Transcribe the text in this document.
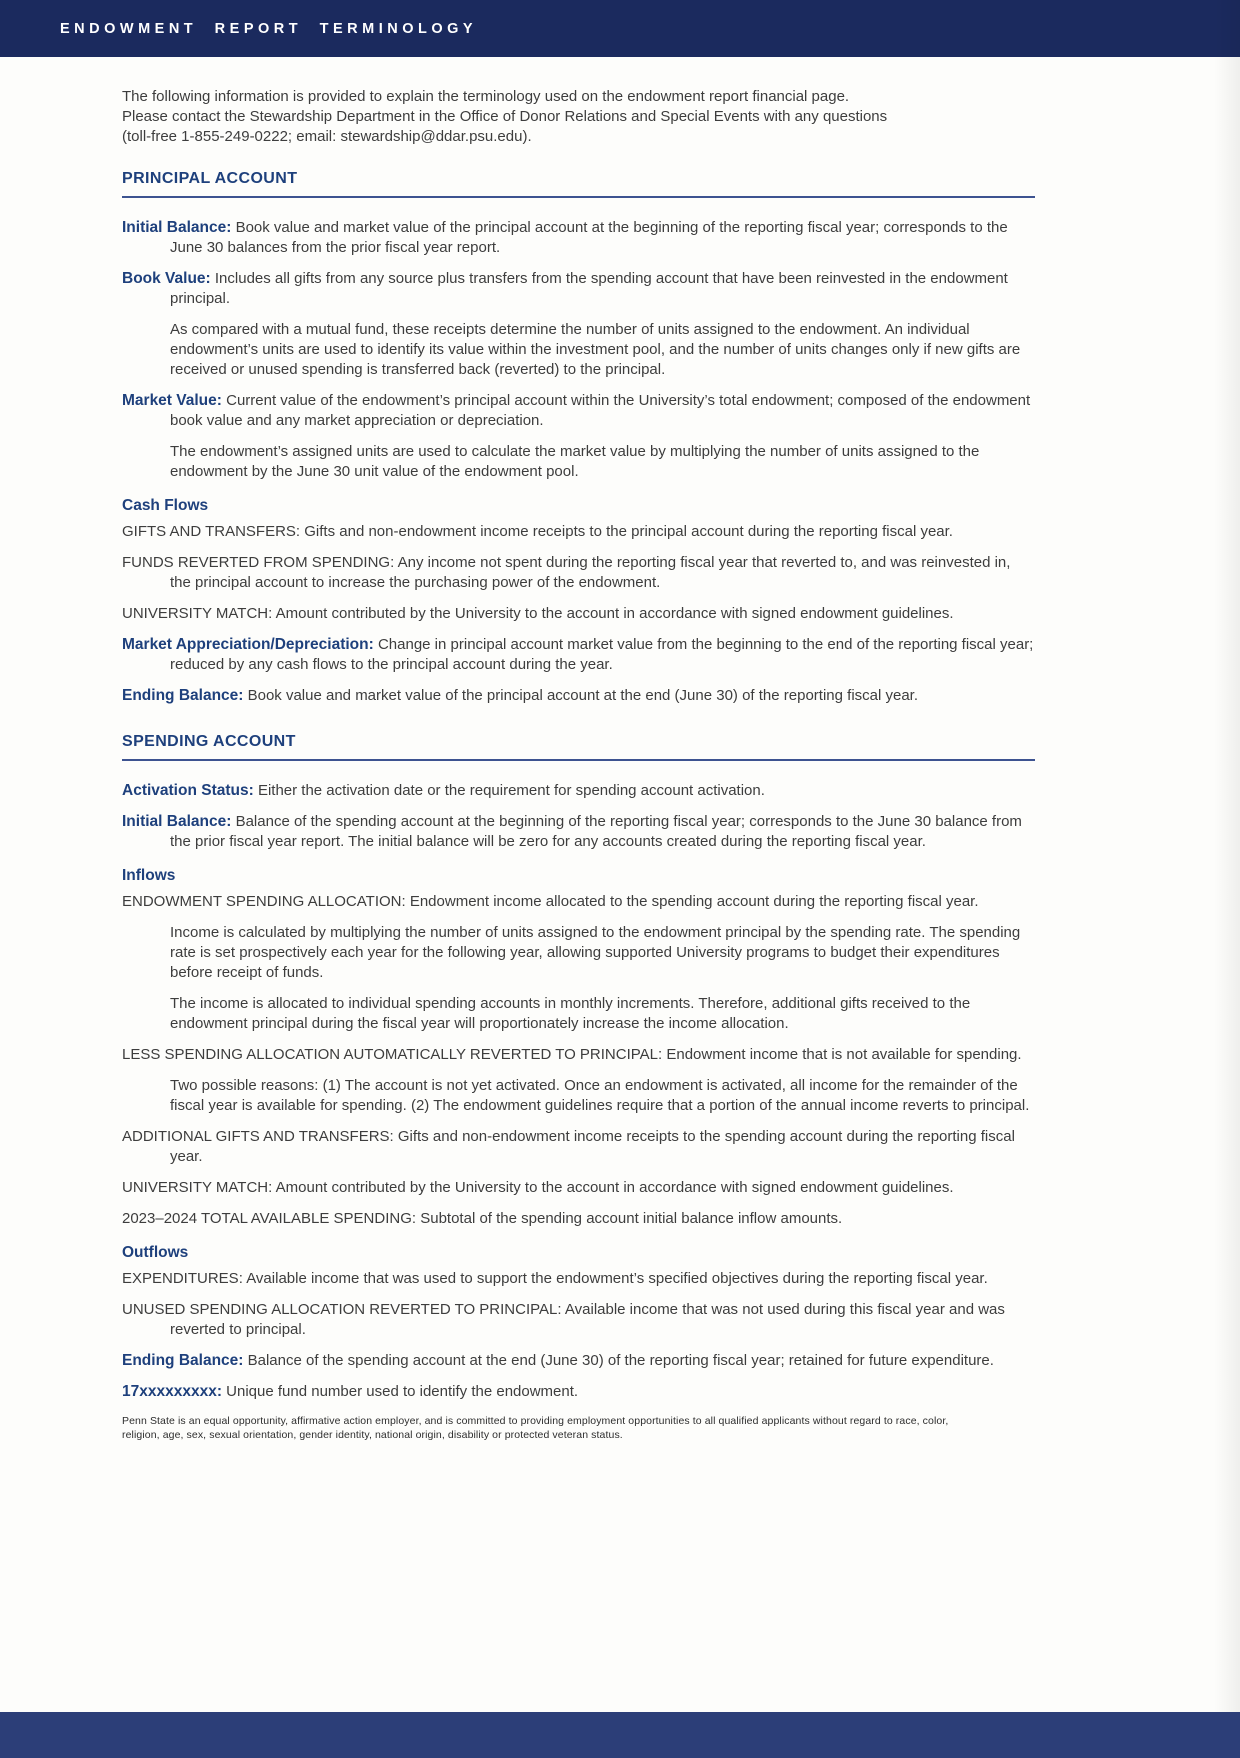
ENDOWMENT REPORT TERMINOLOGY
The following information is provided to explain the terminology used on the endowment report financial page.
Please contact the Stewardship Department in the Office of Donor Relations and Special Events with any questions
(toll-free 1-855-249-0222; email: stewardship@ddar.psu.edu).
PRINCIPAL ACCOUNT
Initial Balance: Book value and market value of the principal account at the beginning of the reporting fiscal year; corresponds to the June 30 balances from the prior fiscal year report.
Book Value: Includes all gifts from any source plus transfers from the spending account that have been reinvested in the endowment principal.
As compared with a mutual fund, these receipts determine the number of units assigned to the endowment. An individual endowment’s units are used to identify its value within the investment pool, and the number of units changes only if new gifts are received or unused spending is transferred back (reverted) to the principal.
Market Value: Current value of the endowment’s principal account within the University’s total endowment; composed of the endowment book value and any market appreciation or depreciation.
The endowment’s assigned units are used to calculate the market value by multiplying the number of units assigned to the endowment by the June 30 unit value of the endowment pool.
Cash Flows
GIFTS AND TRANSFERS: Gifts and non-endowment income receipts to the principal account during the reporting fiscal year.
FUNDS REVERTED FROM SPENDING: Any income not spent during the reporting fiscal year that reverted to, and was reinvested in, the principal account to increase the purchasing power of the endowment.
UNIVERSITY MATCH: Amount contributed by the University to the account in accordance with signed endowment guidelines.
Market Appreciation/Depreciation: Change in principal account market value from the beginning to the end of the reporting fiscal year; reduced by any cash flows to the principal account during the year.
Ending Balance: Book value and market value of the principal account at the end (June 30) of the reporting fiscal year.
SPENDING ACCOUNT
Activation Status: Either the activation date or the requirement for spending account activation.
Initial Balance: Balance of the spending account at the beginning of the reporting fiscal year; corresponds to the June 30 balance from the prior fiscal year report. The initial balance will be zero for any accounts created during the reporting fiscal year.
Inflows
ENDOWMENT SPENDING ALLOCATION: Endowment income allocated to the spending account during the reporting fiscal year.
Income is calculated by multiplying the number of units assigned to the endowment principal by the spending rate. The spending rate is set prospectively each year for the following year, allowing supported University programs to budget their expenditures before receipt of funds.
The income is allocated to individual spending accounts in monthly increments. Therefore, additional gifts received to the endowment principal during the fiscal year will proportionately increase the income allocation.
LESS SPENDING ALLOCATION AUTOMATICALLY REVERTED TO PRINCIPAL: Endowment income that is not available for spending.
Two possible reasons: (1) The account is not yet activated. Once an endowment is activated, all income for the remainder of the fiscal year is available for spending. (2) The endowment guidelines require that a portion of the annual income reverts to principal.
ADDITIONAL GIFTS AND TRANSFERS: Gifts and non-endowment income receipts to the spending account during the reporting fiscal year.
UNIVERSITY MATCH: Amount contributed by the University to the account in accordance with signed endowment guidelines.
2023–2024 TOTAL AVAILABLE SPENDING: Subtotal of the spending account initial balance inflow amounts.
Outflows
EXPENDITURES: Available income that was used to support the endowment’s specified objectives during the reporting fiscal year.
UNUSED SPENDING ALLOCATION REVERTED TO PRINCIPAL: Available income that was not used during this fiscal year and was reverted to principal.
Ending Balance: Balance of the spending account at the end (June 30) of the reporting fiscal year; retained for future expenditure.
17xxxxxxxxx: Unique fund number used to identify the endowment.

Penn State is an equal opportunity, affirmative action employer, and is committed to providing employment opportunities to all qualified applicants without regard to race, color, religion, age, sex, sexual orientation, gender identity, national origin, disability or protected veteran status.
